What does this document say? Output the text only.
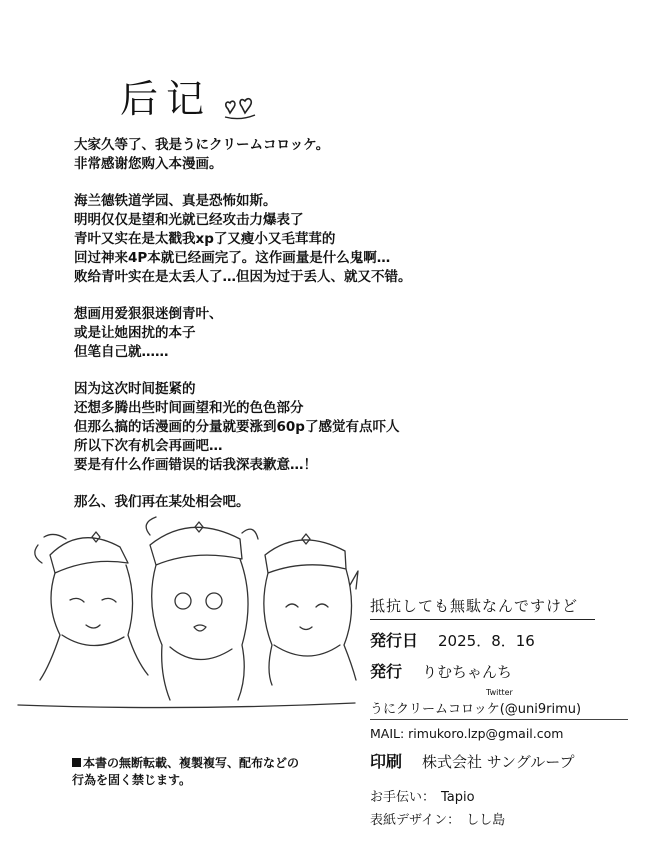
后记
大家久等了、我是うにクリームコロッケ。
非常感谢您购入本漫画。
海兰德铁道学园、真是恐怖如斯。
明明仅仅是望和光就已经攻击力爆表了
青叶又实在是太戳我xp了又瘦小又毛茸茸的
回过神来4P本就已经画完了。这作画量是什么鬼啊…
败给青叶实在是太丢人了…但因为过于丢人、就又不错。
想画用爱狠狠迷倒青叶、
或是让她困扰的本子
但笔自己就……
因为这次时间挺紧的
还想多腾出些时间画望和光的色色部分
但那么搞的话漫画的分量就要涨到60p了感觉有点吓人
所以下次有机会再画吧…
要是有什么作画错误的话我深表歉意…！
那么、我们再在某处相会吧。
抵抗しても無駄なんですけど
発行日 2025．8．16
発行 りむちゃんち
Twitter
うにクリームコロッケ(@uni9rimu)
MAIL: rimukoro.lzp@gmail.com
印刷 株式会社 サングループ
お手伝い： Tapio
表紙デザイン： しし島
本書の無断転載、複製複写、配布などの
行為を固く禁じます。
